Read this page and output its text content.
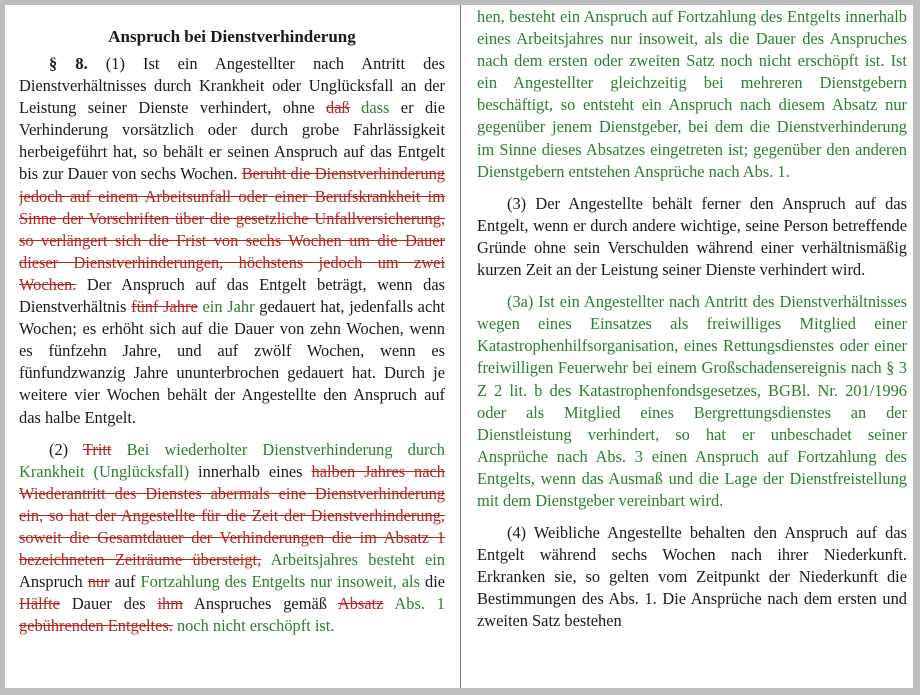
Anspruch bei Dienstverhinderung

§ 8. (1) Ist ein Angestellter nach Antritt des Dienstverhältnisses durch Krankheit oder Unglücksfall an der Leistung seiner Dienste verhindert, ohne daß dass er die Verhinderung vorsätzlich oder durch grobe Fahrlässigkeit herbeigeführt hat, so behält er seinen Anspruch auf das Entgelt bis zur Dauer von sechs Wochen. Beruht die Dienstverhinderung jedoch auf einem Arbeitsunfall oder einer Berufskrankheit im Sinne der Vorschriften über die gesetzliche Unfallversicherung, so verlängert sich die Frist von sechs Wochen um die Dauer dieser Dienstverhinderungen, höchstens jedoch um zwei Wochen. Der Anspruch auf das Entgelt beträgt, wenn das Dienstverhältnis fünf Jahre ein Jahr gedauert hat, jedenfalls acht Wochen; es erhöht sich auf die Dauer von zehn Wochen, wenn es fünfzehn Jahre, und auf zwölf Wochen, wenn es fünfundzwanzig Jahre ununterbrochen gedauert hat. Durch je weitere vier Wochen behält der Angestellte den Anspruch auf das halbe Entgelt.

(2) Tritt Bei wiederholter Dienstverhinderung durch Krankheit (Unglücksfall) innerhalb eines halben Jahres nach Wiederantritt des Dienstes abermals eine Dienstverhinderung ein, so hat der Angestellte für die Zeit der Dienstverhinderung, soweit die Gesamtdauer der Verhinderungen die im Absatz 1 bezeichneten Zeiträume übersteigt, Arbeitsjahres besteht ein Anspruch nur auf Fortzahlung des Entgelts nur insoweit, als die Hälfte Dauer des ihm Anspruches gemäß Absatz Abs. 1 gebührenden Entgeltes. noch nicht erschöpft ist.

hen, besteht ein Anspruch auf Fortzahlung des Entgelts innerhalb eines Arbeitsjahres nur insoweit, als die Dauer des Anspruches nach dem ersten oder zweiten Satz noch nicht erschöpft ist. Ist ein Angestellter gleichzeitig bei mehreren Dienstgebern beschäftigt, so entsteht ein Anspruch nach diesem Absatz nur gegenüber jenem Dienstgeber, bei dem die Dienstverhinderung im Sinne dieses Absatzes eingetreten ist; gegenüber den anderen Dienstgebern entstehen Ansprüche nach Abs. 1.

(3) Der Angestellte behält ferner den Anspruch auf das Entgelt, wenn er durch andere wichtige, seine Person betreffende Gründe ohne sein Verschulden während einer verhältnismäßig kurzen Zeit an der Leistung seiner Dienste verhindert wird.

(3a) Ist ein Angestellter nach Antritt des Dienstverhältnisses wegen eines Einsatzes als freiwilliges Mitglied einer Katastrophenhilfsorganisation, eines Rettungsdienstes oder einer freiwilligen Feuerwehr bei einem Großschadensereignis nach § 3 Z 2 lit. b des Katastrophenfondsgesetzes, BGBl. Nr. 201/1996 oder als Mitglied eines Bergrettungsdienstes an der Dienstleistung verhindert, so hat er unbeschadet seiner Ansprüche nach Abs. 3 einen Anspruch auf Fortzahlung des Entgelts, wenn das Ausmaß und die Lage der Dienstfreistellung mit dem Dienstgeber vereinbart wird.

(4) Weibliche Angestellte behalten den Anspruch auf das Entgelt während sechs Wochen nach ihrer Niederkunft. Erkranken sie, so gelten vom Zeitpunkt der Niederkunft die Bestimmungen des Abs. 1. Die Ansprüche nach dem ersten und zweiten Satz bestehen
